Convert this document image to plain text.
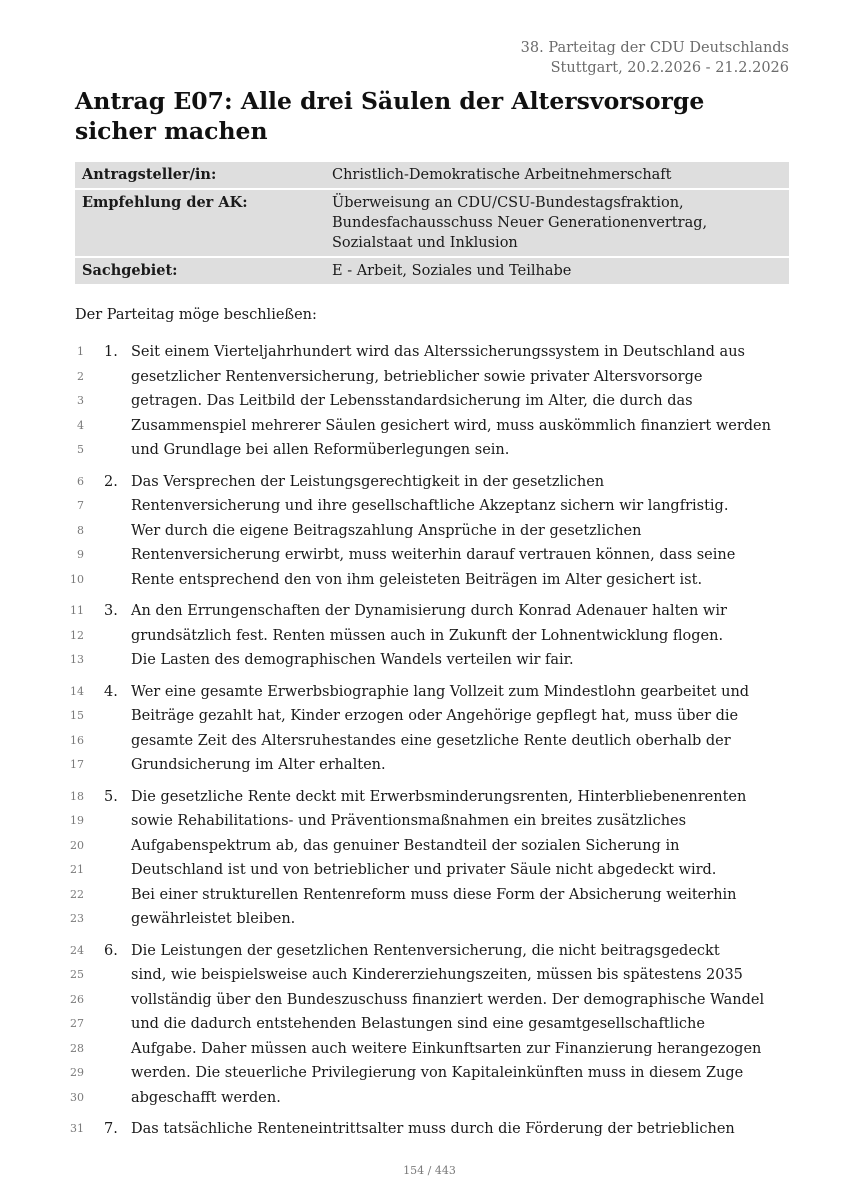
38. Parteitag der CDU Deutschlands
Stuttgart, 20.2.2026 - 21.2.2026
Antrag E07: Alle drei Säulen der Altersvorsorge sicher machen
Antragsteller/in:	Christlich-Demokratische Arbeitnehmerschaft
Empfehlung der AK:	Überweisung an CDU/CSU-Bundestagsfraktion, Bundesfachausschuss Neuer Generationenvertrag, Sozialstaat und Inklusion
Sachgebiet:	E - Arbeit, Soziales und Teilhabe
Der Parteitag möge beschließen:
1.
1	Seit einem Vierteljahrhundert wird das Alterssicherungssystem in Deutschland aus
2	gesetzlicher Rentenversicherung, betrieblicher sowie privater Altersvorsorge
3	getragen. Das Leitbild der Lebensstandardsicherung im Alter, die durch das
4	Zusammenspiel mehrerer Säulen gesichert wird, muss auskömmlich finanziert werden
5	und Grundlage bei allen Reformüberlegungen sein.
2.
6	Das Versprechen der Leistungsgerechtigkeit in der gesetzlichen
7	Rentenversicherung und ihre gesellschaftliche Akzeptanz sichern wir langfristig.
8	Wer durch die eigene Beitragszahlung Ansprüche in der gesetzlichen
9	Rentenversicherung erwirbt, muss weiterhin darauf vertrauen können, dass seine
10	Rente entsprechend den von ihm geleisteten Beiträgen im Alter gesichert ist.
3.
11	An den Errungenschaften der Dynamisierung durch Konrad Adenauer halten wir
12	grundsätzlich fest. Renten müssen auch in Zukunft der Lohnentwicklung flogen.
13	Die Lasten des demographischen Wandels verteilen wir fair.
4.
14	Wer eine gesamte Erwerbsbiographie lang Vollzeit zum Mindestlohn gearbeitet und
15	Beiträge gezahlt hat, Kinder erzogen oder Angehörige gepflegt hat, muss über die
16	gesamte Zeit des Altersruhestandes eine gesetzliche Rente deutlich oberhalb der
17	Grundsicherung im Alter erhalten.
5.
18	Die gesetzliche Rente deckt mit Erwerbsminderungsrenten, Hinterbliebenenrenten
19	sowie Rehabilitations- und Präventionsmaßnahmen ein breites zusätzliches
20	Aufgabenspektrum ab, das genuiner Bestandteil der sozialen Sicherung in
21	Deutschland ist und von betrieblicher und privater Säule nicht abgedeckt wird.
22	Bei einer strukturellen Rentenreform muss diese Form der Absicherung weiterhin
23	gewährleistet bleiben.
6.
24	Die Leistungen der gesetzlichen Rentenversicherung, die nicht beitragsgedeckt
25	sind, wie beispielsweise auch Kindererziehungszeiten, müssen bis spätestens 2035
26	vollständig über den Bundeszuschuss finanziert werden. Der demographische Wandel
27	und die dadurch entstehenden Belastungen sind eine gesamtgesellschaftliche
28	Aufgabe. Daher müssen auch weitere Einkunftsarten zur Finanzierung herangezogen
29	werden. Die steuerliche Privilegierung von Kapitaleinkünften muss in diesem Zuge
30	abgeschafft werden.
7.
31	Das tatsächliche Renteneintrittsalter muss durch die Förderung der betrieblichen
154 / 443
